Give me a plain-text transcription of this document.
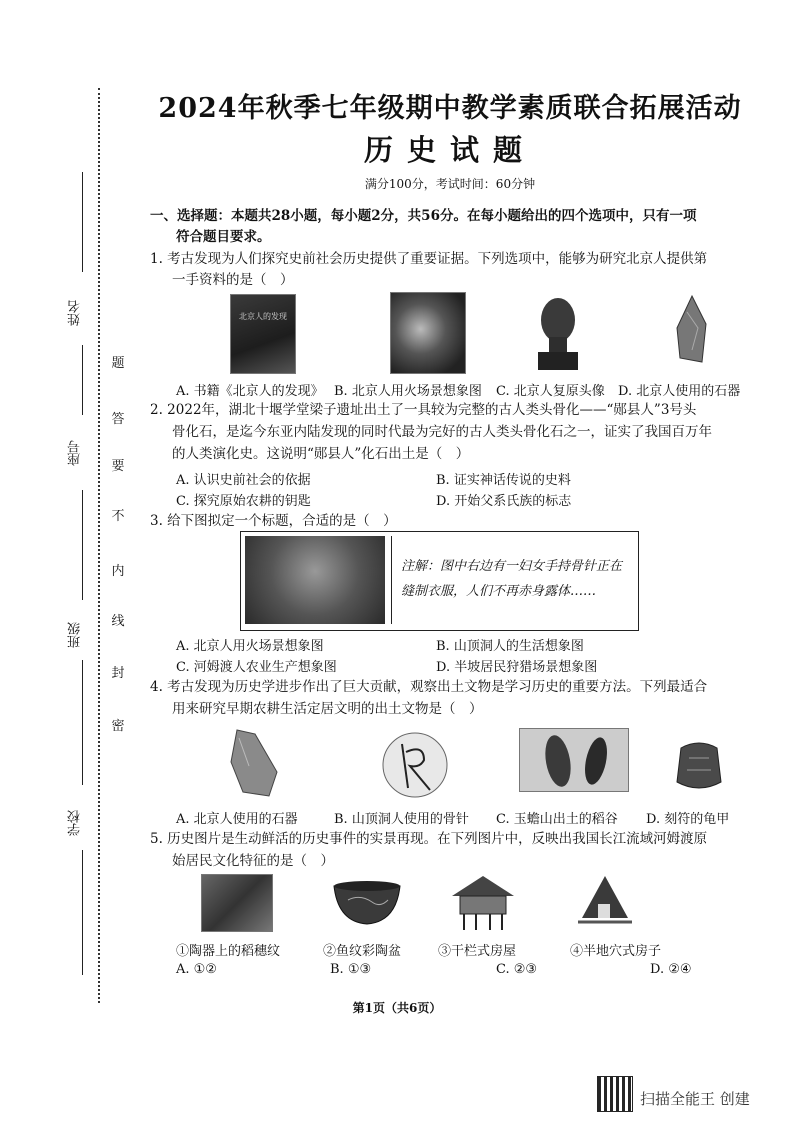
姓名
座号
班级
学校
题
答
要
不
内
线
封
密
2024年秋季七年级期中教学素质联合拓展活动
历史试题
满分100分，考试时间：60分钟
一、选择题：本题共28小题，每小题2分，共56分。在每小题给出的四个选项中，只有一项
符合题目要求。
1. 考古发现为人们探究史前社会历史提供了重要证据。下列选项中，能够为研究北京人提供第
一手资料的是（　）
北京人的发现
A. 书籍《北京人的发现》 B. 北京人用火场景想象图 C. 北京人复原头像 D. 北京人使用的石器
2. 2022年，湖北十堰学堂梁子遗址出土了一具较为完整的古人类头骨化——“郧县人”3号头
骨化石，是迄今东亚内陆发现的同时代最为完好的古人类头骨化石之一，证实了我国百万年
的人类演化史。这说明“郧县人”化石出土是（　）
A. 认识史前社会的依据	B. 证实神话传说的史料
C. 探究原始农耕的钥匙	D. 开始父系氏族的标志
3. 给下图拟定一个标题，合适的是（　）
注解：图中右边有一妇女手持骨针正在缝制衣服，人们不再赤身露体……
A. 北京人用火场景想象图	B. 山顶洞人的生活想象图
C. 河姆渡人农业生产想象图	D. 半坡居民狩猎场景想象图
4. 考古发现为历史学进步作出了巨大贡献，观察出土文物是学习历史的重要方法。下列最适合
用来研究早期农耕生活定居文明的出土文物是（　）
A. 北京人使用的石器	B. 山顶洞人使用的骨针 C. 玉蟾山出土的稻谷 D. 刻符的龟甲
5. 历史图片是生动鲜活的历史事件的实景再现。在下列图片中，反映出我国长江流域河姆渡原
始居民文化特征的是（　）
①陶器上的稻穗纹	②鱼纹彩陶盆	③干栏式房屋	④半地穴式房子
A. ①②	B. ①③	C. ②③	D. ②④
第1页（共6页）
扫描全能王 创建
